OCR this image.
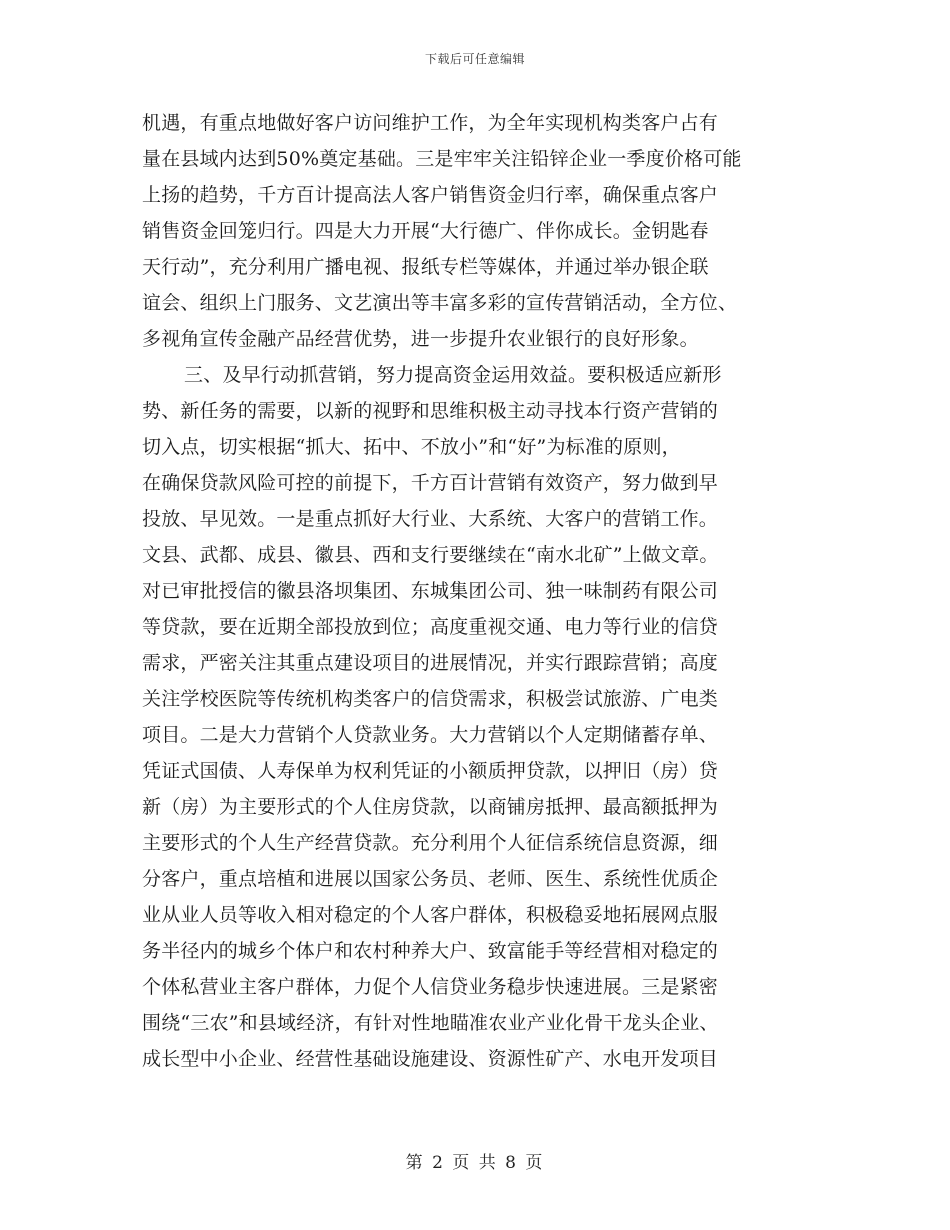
下载后可任意编辑
机遇，有重点地做好客户访问维护工作，为全年实现机构类客户占有
量在县域内达到50%奠定基础。三是牢牢关注铅锌企业一季度价格可能
上扬的趋势，千方百计提高法人客户销售资金归行率，确保重点客户
销售资金回笼归行。四是大力开展“大行德广、伴你成长。金钥匙春
天行动”，充分利用广播电视、报纸专栏等媒体，并通过举办银企联
谊会、组织上门服务、文艺演出等丰富多彩的宣传营销活动，全方位、
多视角宣传金融产品经营优势，进一步提升农业银行的良好形象。
三、及早行动抓营销，努力提高资金运用效益。要积极适应新形
势、新任务的需要，以新的视野和思维积极主动寻找本行资产营销的
切入点，切实根据“抓大、拓中、不放小”和“好”为标准的原则，
在确保贷款风险可控的前提下，千方百计营销有效资产，努力做到早
投放、早见效。一是重点抓好大行业、大系统、大客户的营销工作。
文县、武都、成县、徽县、西和支行要继续在“南水北矿”上做文章。
对已审批授信的徽县洛坝集团、东城集团公司、独一味制药有限公司
等贷款，要在近期全部投放到位；高度重视交通、电力等行业的信贷
需求，严密关注其重点建设项目的进展情况，并实行跟踪营销；高度
关注学校医院等传统机构类客户的信贷需求，积极尝试旅游、广电类
项目。二是大力营销个人贷款业务。大力营销以个人定期储蓄存单、
凭证式国债、人寿保单为权利凭证的小额质押贷款，以押旧（房）贷
新（房）为主要形式的个人住房贷款，以商铺房抵押、最高额抵押为
主要形式的个人生产经营贷款。充分利用个人征信系统信息资源，细
分客户，重点培植和进展以国家公务员、老师、医生、系统性优质企
业从业人员等收入相对稳定的个人客户群体，积极稳妥地拓展网点服
务半径内的城乡个体户和农村种养大户、致富能手等经营相对稳定的
个体私营业主客户群体，力促个人信贷业务稳步快速进展。三是紧密
围绕“三农”和县域经济，有针对性地瞄准农业产业化骨干龙头企业、
成长型中小企业、经营性基础设施建设、资源性矿产、水电开发项目
第 2 页 共 8 页
